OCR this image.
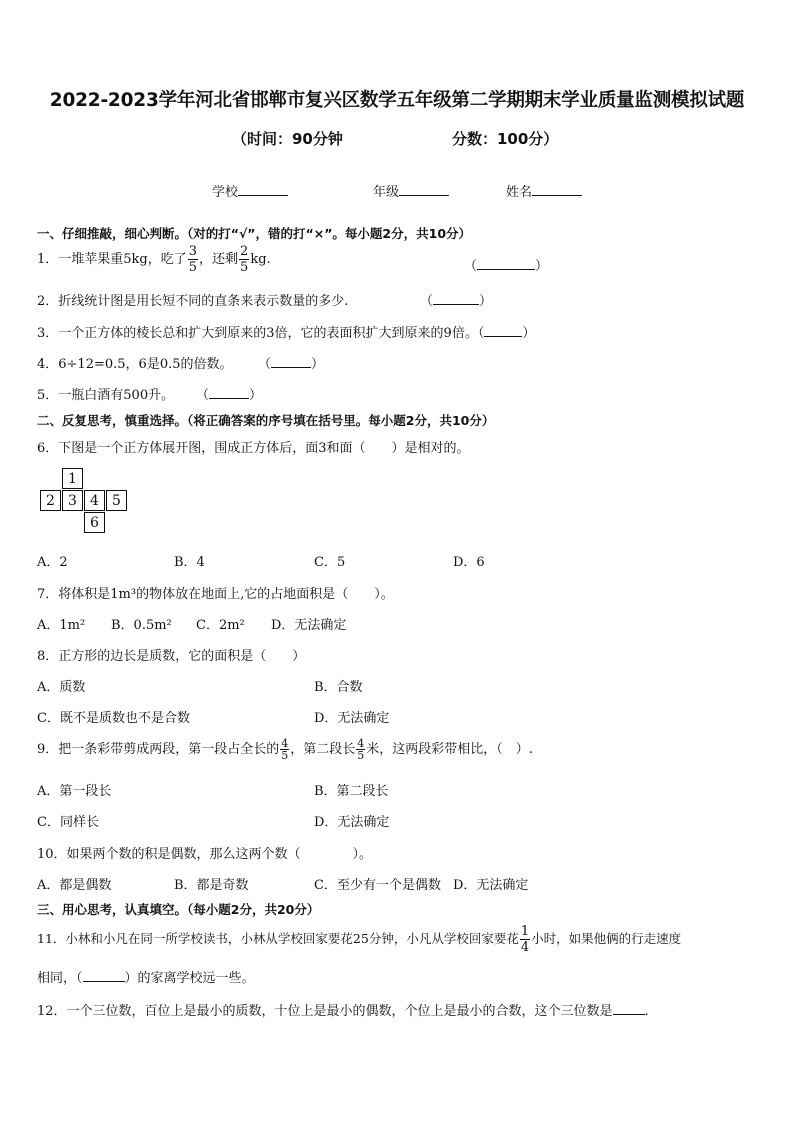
2022-2023学年河北省邯郸市复兴区数学五年级第二学期期末学业质量监测模拟试题
（时间：90分钟	分数：100分）
学校	年级	姓名
一、仔细推敲，细心判断。（对的打“√”，错的打“×”。每小题2分，共10分）
1．一堆苹果重5kg，吃了 $\frac{3}{5}$ ，还剩 $\frac{2}{5}$ kg.	（	）
2．折线统计图是用长短不同的直条来表示数量的多少.	（	）
3．一个正方体的棱长总和扩大到原来的3倍，它的表面积扩大到原来的9倍。（	）
4．6÷12=0.5，6是0.5的倍数。 （	）
5．一瓶白酒有500升。 （	）
二、反复思考，慎重选择。（将正确答案的序号填在括号里。每小题2分，共10分）
6．下图是一个正方体展开图，围成正方体后，面3和面（　　）是相对的。
1
2 3 4 5
6
A．2	B．4	C．5	D．6
7．将体积是1m³的物体放在地面上,它的占地面积是（　　）。
A．1m² B．0.5m² C．2m² D．无法确定
8．正方形的边长是质数，它的面积是（　　）
A．质数	B．合数
C．既不是质数也不是合数	D．无法确定
9．把一条彩带剪成两段，第一段占全长的 $\frac{4}{5}$ ，第二段长 $\frac{4}{5}$ 米，这两段彩带相比，（　）.
A．第一段长	B．第二段长
C．同样长	D．无法确定
10．如果两个数的积是偶数，那么这两个数（　　　　）。
A．都是偶数	B．都是奇数	C．至少有一个是偶数 D．无法确定
三、用心思考，认真填空。（每小题2分，共20分）
11．小林和小凡在同一所学校读书，小林从学校回家要花25分钟，小凡从学校回家要花 $\frac{1}{4}$ 小时，如果他俩的行走速度
相同，（	）的家离学校远一些。
12．一个三位数，百位上是最小的质数，十位上是最小的偶数，个位上是最小的合数，这个三位数是 .
